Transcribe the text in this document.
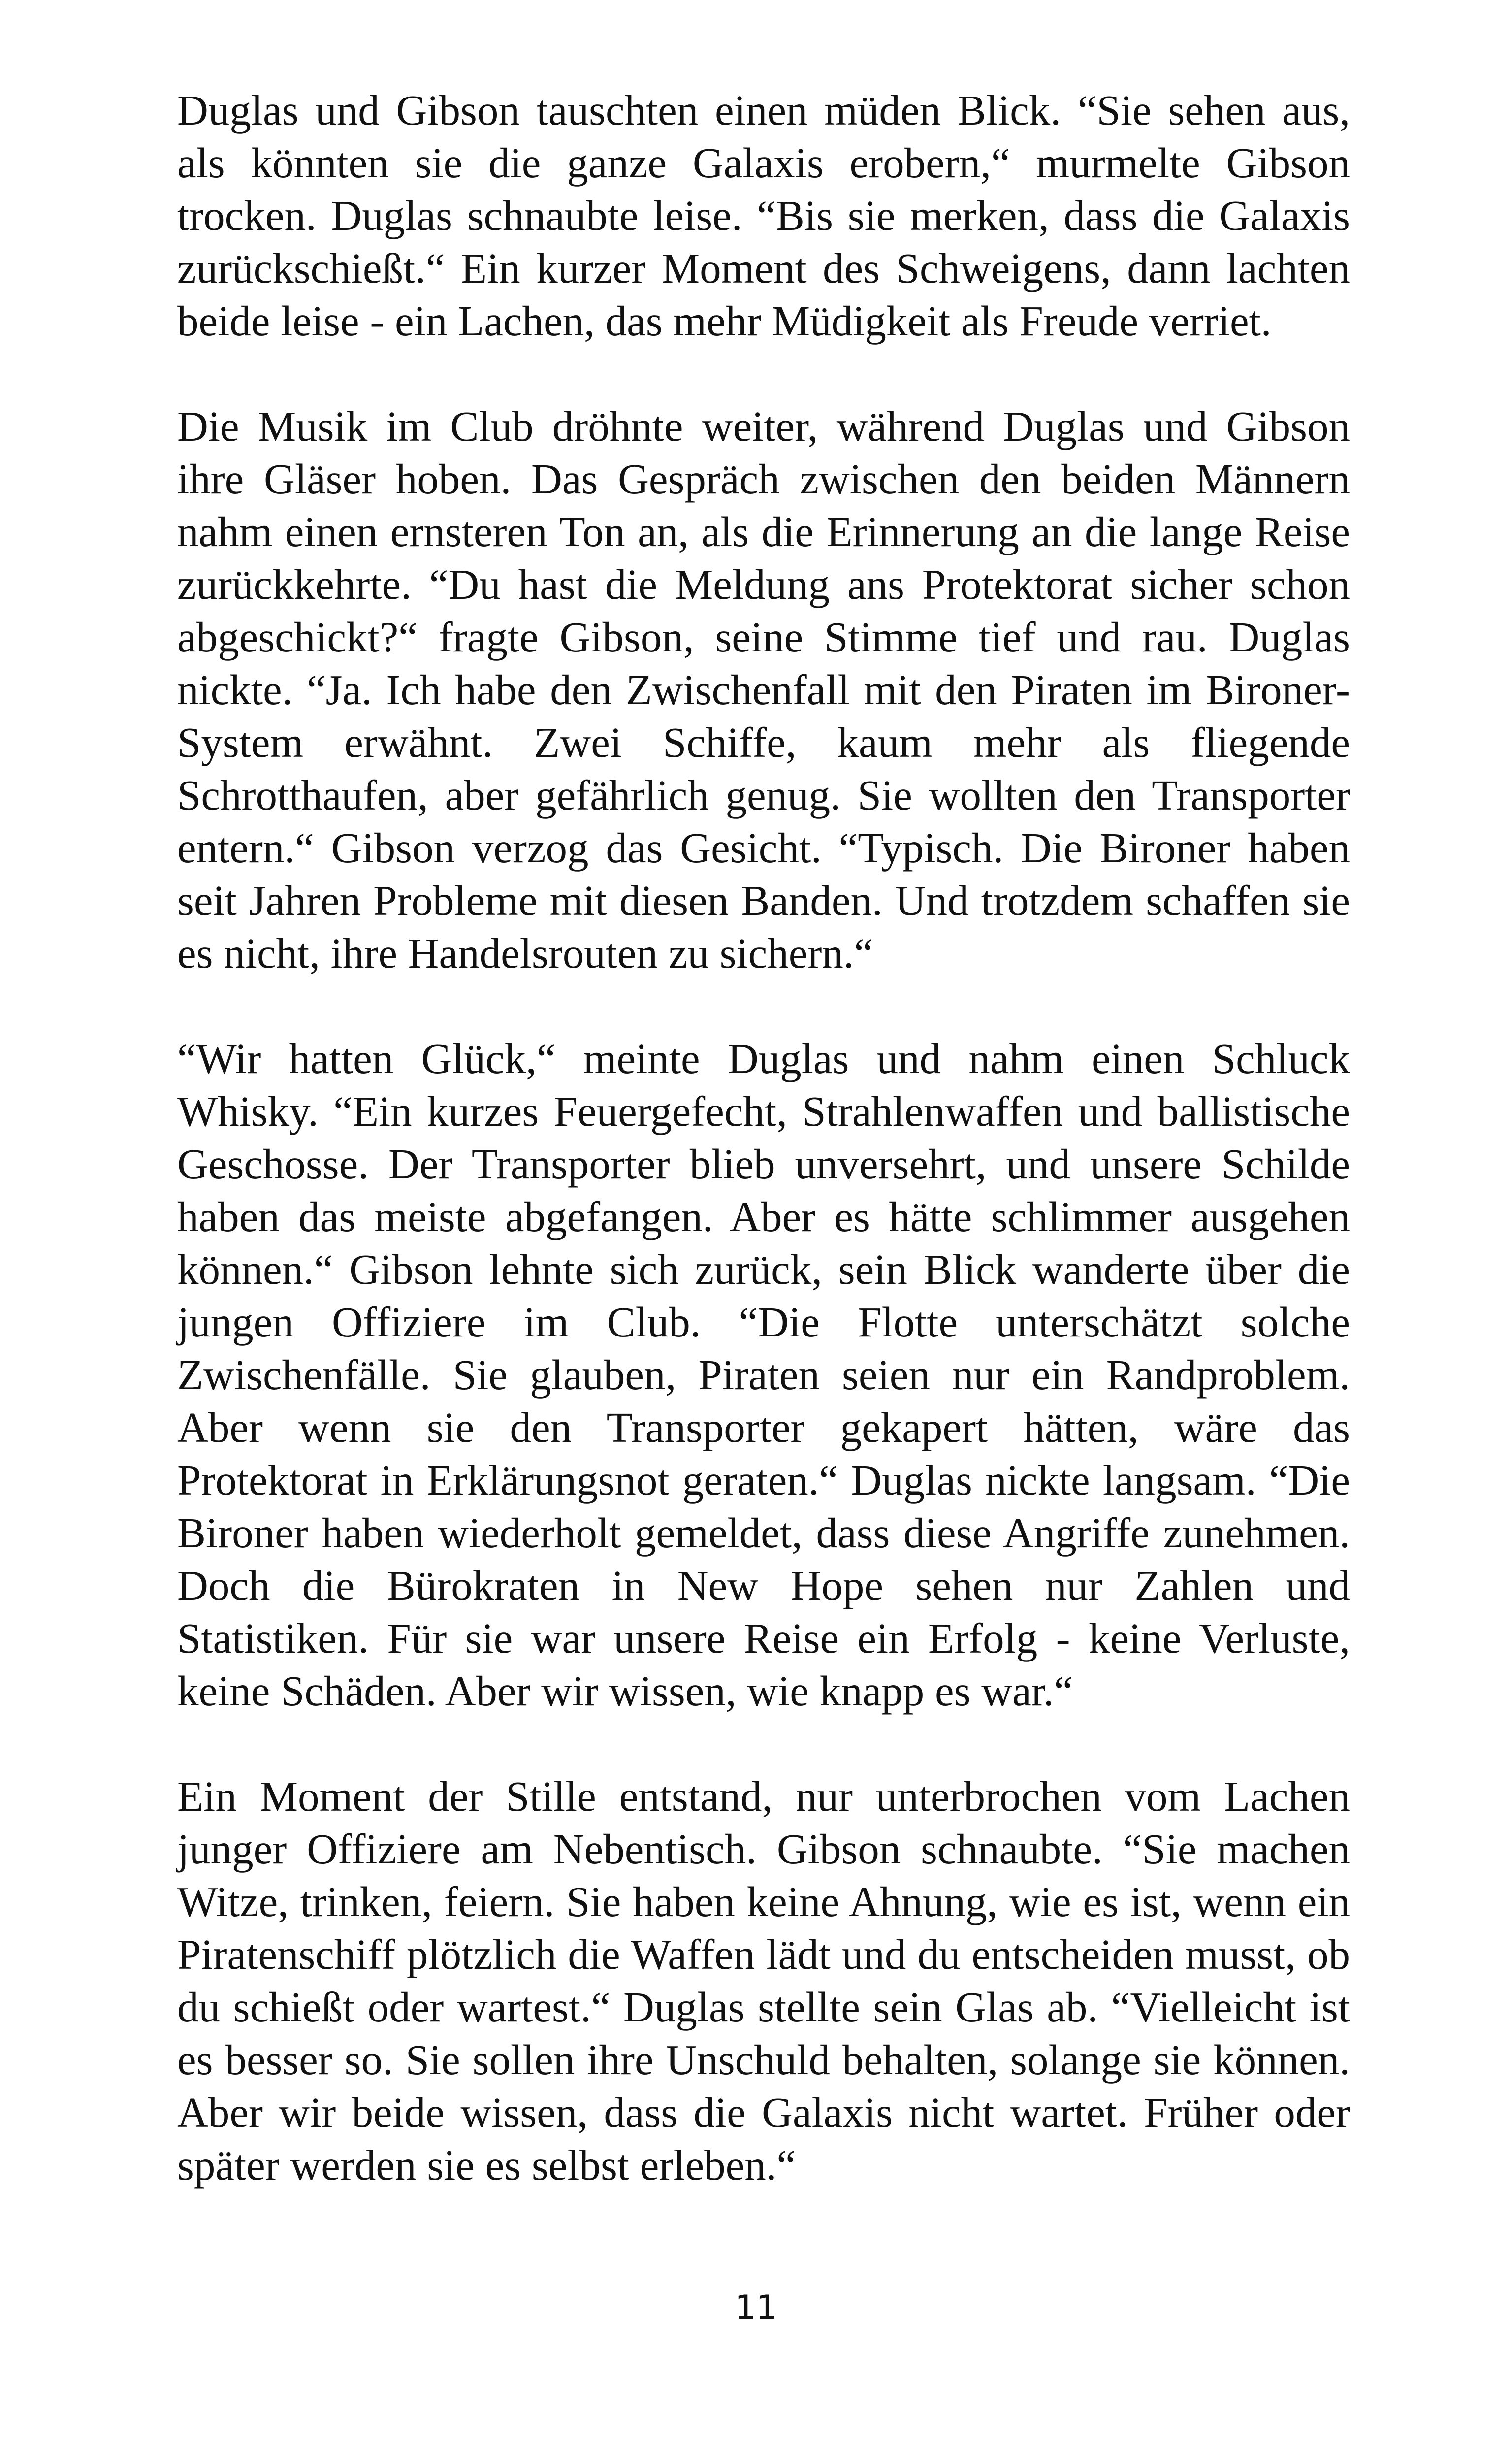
Duglas und Gibson tauschten einen müden Blick. “Sie sehen aus, als könnten sie die ganze Galaxis erobern,“ murmelte Gibson trocken. Duglas schnaubte leise. “Bis sie merken, dass die Galaxis zurückschießt.“ Ein kurzer Moment des Schweigens, dann lachten beide leise - ein Lachen, das mehr Müdigkeit als Freude verriet.

Die Musik im Club dröhnte weiter, während Duglas und Gibson ihre Gläser hoben. Das Gespräch zwischen den beiden Männern nahm einen ernsteren Ton an, als die Erinnerung an die lange Reise zurückkehrte. “Du hast die Meldung ans Protektorat sicher schon abgeschickt?“ fragte Gibson, seine Stimme tief und rau. Duglas nickte. “Ja. Ich habe den Zwischenfall mit den Piraten im Bironer-System erwähnt. Zwei Schiffe, kaum mehr als fliegende Schrotthaufen, aber gefährlich genug. Sie wollten den Transporter entern.“ Gibson verzog das Gesicht. “Typisch. Die Bironer haben seit Jahren Probleme mit diesen Banden. Und trotzdem schaffen sie es nicht, ihre Handelsrouten zu sichern.“

“Wir hatten Glück,“ meinte Duglas und nahm einen Schluck Whisky. “Ein kurzes Feuergefecht, Strahlenwaffen und ballistische Geschosse. Der Transporter blieb unversehrt, und unsere Schilde haben das meiste abgefangen. Aber es hätte schlimmer ausgehen können.“ Gibson lehnte sich zurück, sein Blick wanderte über die jungen Offiziere im Club. “Die Flotte unterschätzt solche Zwischenfälle. Sie glauben, Piraten seien nur ein Randproblem. Aber wenn sie den Transporter gekapert hätten, wäre das Protektorat in Erklärungsnot geraten.“ Duglas nickte langsam. “Die Bironer haben wiederholt gemeldet, dass diese Angriffe zunehmen. Doch die Bürokraten in New Hope sehen nur Zahlen und Statistiken. Für sie war unsere Reise ein Erfolg - keine Verluste, keine Schäden. Aber wir wissen, wie knapp es war.“

Ein Moment der Stille entstand, nur unterbrochen vom Lachen junger Offiziere am Nebentisch. Gibson schnaubte. “Sie machen Witze, trinken, feiern. Sie haben keine Ahnung, wie es ist, wenn ein Piratenschiff plötzlich die Waffen lädt und du entscheiden musst, ob du schießt oder wartest.“ Duglas stellte sein Glas ab. “Vielleicht ist es besser so. Sie sollen ihre Unschuld behalten, solange sie können. Aber wir beide wissen, dass die Galaxis nicht wartet. Früher oder später werden sie es selbst erleben.“

11
